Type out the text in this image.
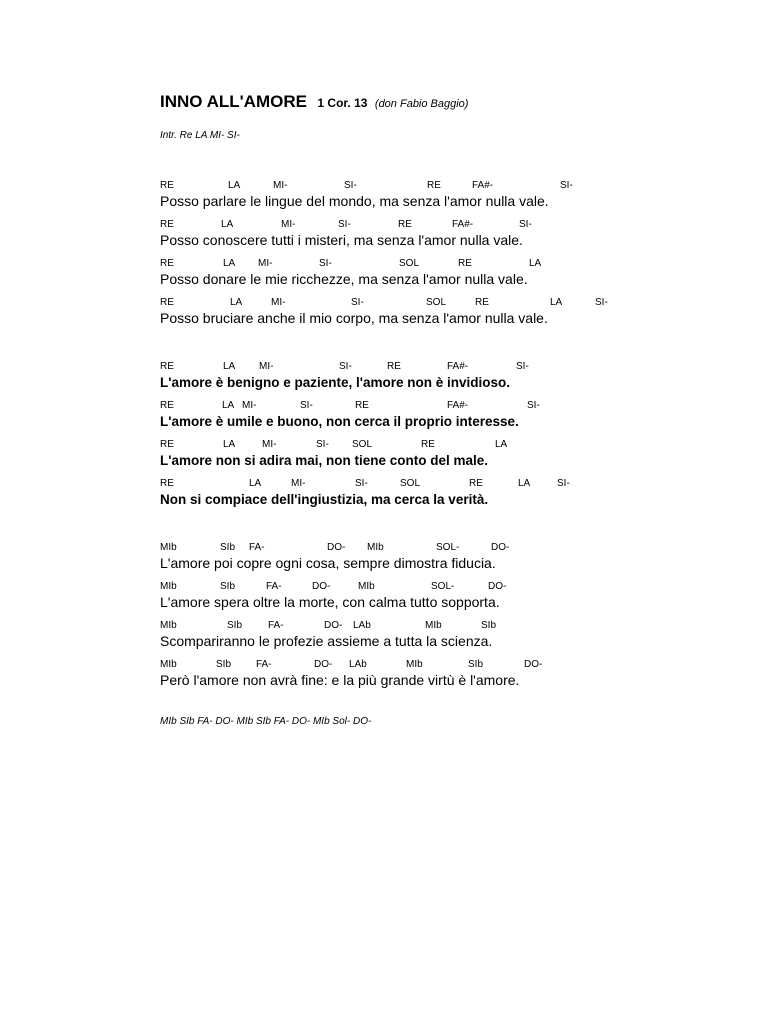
INNO ALL'AMORE 1 Cor. 13 (don Fabio Baggio)
Intr. Re LA MI- SI-
RE	LA	MI-	SI-	RE	FA#-	SI-
Posso parlare le lingue del mondo, ma senza l'amor nulla vale.
RE	LA	MI-	SI-	RE	FA#-	SI-
Posso conoscere tutti i misteri, ma senza l'amor nulla vale.
RE	LA MI-	SI-	SOL	RE	LA
Posso donare le mie ricchezze, ma senza l'amor nulla vale.
RE	LA	MI-	SI-	SOL	RE	LA	SI-
Posso bruciare anche il mio corpo, ma senza l'amor nulla vale.
RE	LA MI-	SI-	RE	FA#-	SI-
L'amore è benigno e paziente, l'amore non è invidioso.
RE	LA MI-	SI-	RE	FA#-	SI-
L'amore è umile e buono, non cerca il proprio interesse.
RE	LA	MI-	SI- SOL	RE	LA
L'amore non si adira mai, non tiene conto del male.
RE	LA	MI-	SI-	SOL	RE	LA	SI-
Non si compiace dell'ingiustizia, ma cerca la verità.
MIb	SIb FA-	DO- MIb	SOL-	DO-
L'amore poi copre ogni cosa, sempre dimostra fiducia.
MIb	SIb	FA-	DO-	MIb	SOL-	DO-
L'amore spera oltre la morte, con calma tutto sopporta.
MIb	SIb	FA-	DO- LAb	MIb	SIb
Scompariranno le profezie assieme a tutta la scienza.
MIb	SIb FA-	DO- LAb	MIb	SIb	DO-
Però l'amore non avrà fine: e la più grande virtù è l'amore.
MIb SIb FA- DO- MIb SIb FA- DO- MIb Sol- DO-
